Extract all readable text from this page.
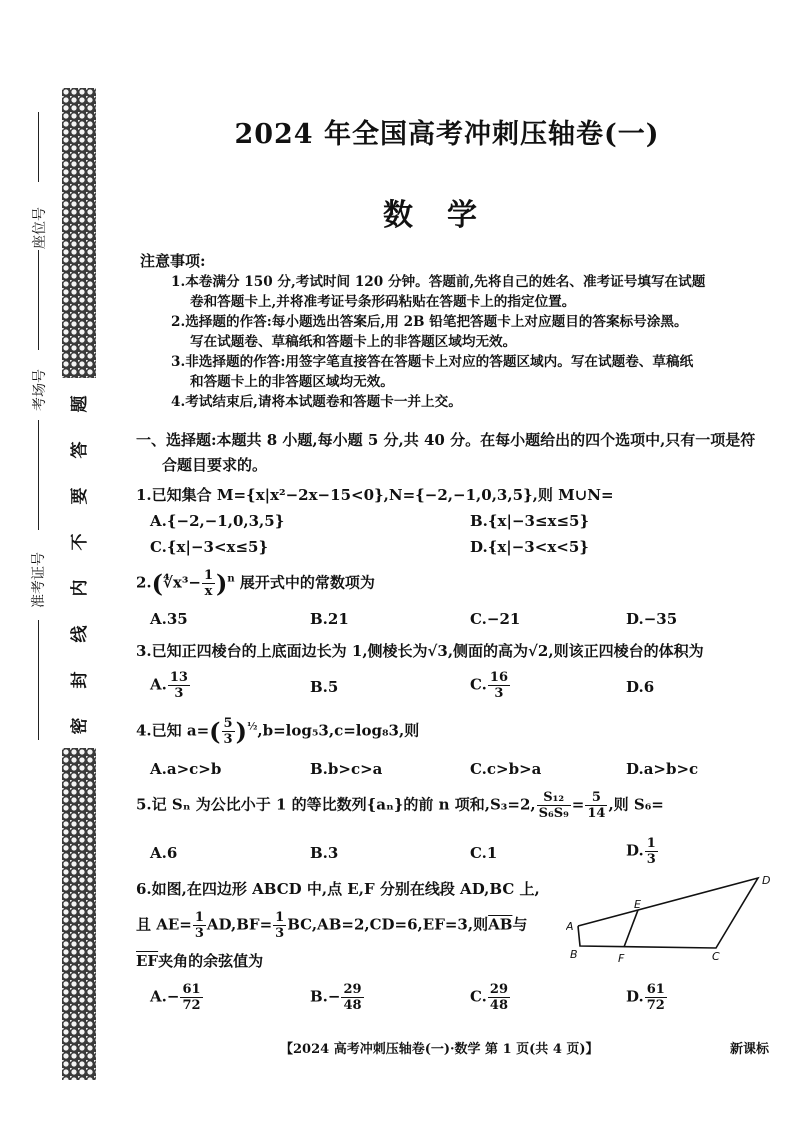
座位号
考场号
准考证号
题
答
要
不
内
线
封
密
2024 年全国高考冲刺压轴卷(一)
数学
注意事项:
1.本卷满分 150 分,考试时间 120 分钟。答题前,先将自己的姓名、准考证号填写在试题
卷和答题卡上,并将准考证号条形码粘贴在答题卡上的指定位置。
2.选择题的作答:每小题选出答案后,用 2B 铅笔把答题卡上对应题目的答案标号涂黑。
写在试题卷、草稿纸和答题卡上的非答题区域均无效。
3.非选择题的作答:用签字笔直接答在答题卡上对应的答题区域内。写在试题卷、草稿纸
和答题卡上的非答题区域均无效。
4.考试结束后,请将本试题卷和答题卡一并上交。
一、选择题:本题共 8 小题,每小题 5 分,共 40 分。在每小题给出的四个选项中,只有一项是符
合题目要求的。
1.已知集合 M={x|x²−2x−15<0},N={−2,−1,0,3,5},则 M∪N=
A.{−2,−1,0,3,5}	B.{x|−3≤x≤5}
C.{x|−3<x≤5}	D.{x|−3<x<5}
2.(∜x³− $\frac{1}{x} )^n$ 展开式中的常数项为
A.35	B.21	C.−21	D.−35
3.已知正四棱台的上底面边长为 1,侧棱长为√3,侧面的高为√2,则该正四棱台的体积为
A. $\frac{13}{3}$	B.5	C. $\frac{16}{3}$	D.6
4.已知 $a=( \frac{5}{3} )^{\frac{1}{2}},b=\log_53,c=\log_83$,则
A.a>c>b	B.b>c>a	C.c>b>a	D.a>b>c
5.记 Sₙ 为公比小于 1 的等比数列{aₙ}的前 n 项和,S₃=2, $\frac{\text{S₁₂}}{\text{S₆S₉}} = \frac{5}{14}$ ,则 S₆=
A.6	B.3	C.1	D. $\frac{1}{3}$
6.如图,在四边形 ABCD 中,点 E,F 分别在线段 AD,BC 上,
且 $AE= \frac{1}{3} AD,BF= \frac{1}{3} BC,AB=2,CD=6,EF=3$,则$\overline{AB}$与
$\overline{EF}$夹角的余弦值为
$A.- \frac{61}{72}$	$B.- \frac{29}{48}$	C. $\frac{29}{48}$	D. $\frac{61}{72}$
A
B	F	C
D
E
【2024 高考冲刺压轴卷(一)·数学 第 1 页(共 4 页)】	新课标
